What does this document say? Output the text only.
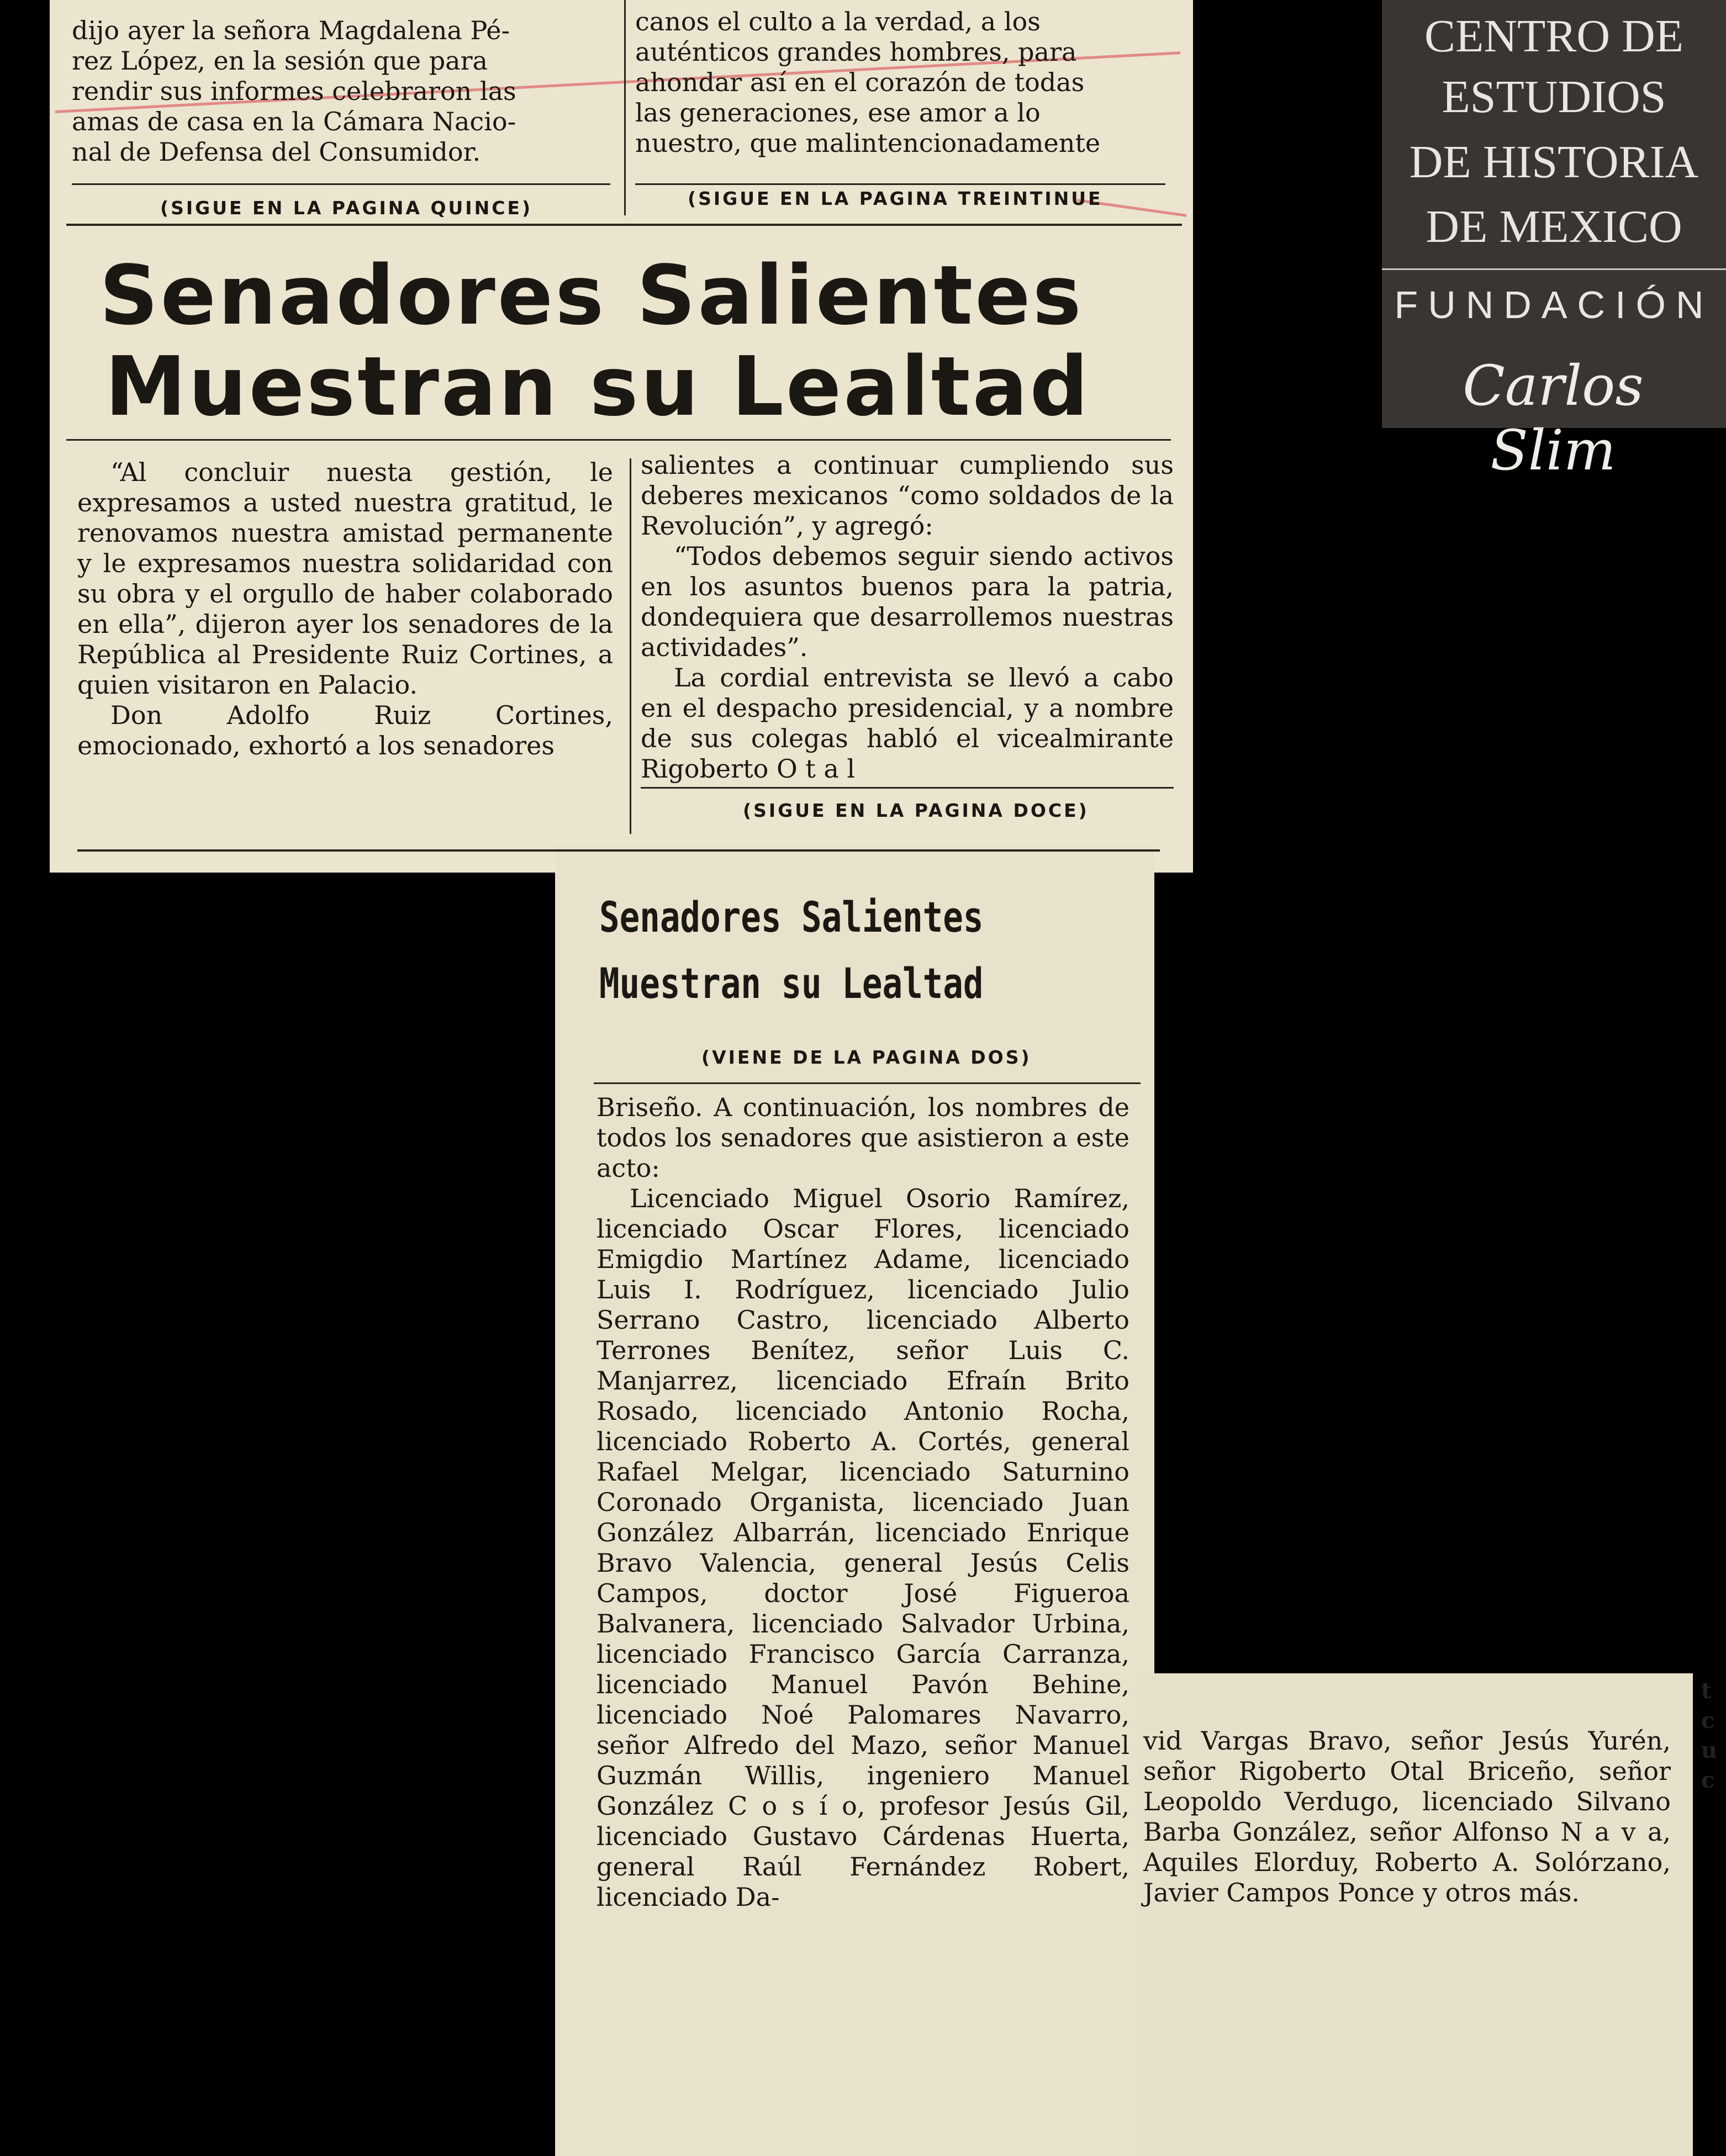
dijo ayer la señora Magdalena Pé-

rez López, en la sesión que para

rendir sus informes celebraron las

amas de casa en la Cámara Nacio-

nal de Defensa del Consumidor.

canos el culto a la verdad, a los

auténticos grandes hombres, para

ahondar así en el corazón de todas

las generaciones, ese amor a lo

nuestro, que malintencionadamente

(SIGUE EN LA PAGINA QUINCE)	(SIGUE EN LA PAGINA TREINTINUE
Senadores Salientes
Muestran su Lealtad

“Al concluir nuesta gestión, le expresamos a usted nuestra gratitud, le renovamos nuestra amistad permanente y le expresamos nuestra solidaridad con su obra y el orgullo de haber colaborado en ella”, dijeron ayer los senadores de la República al Presidente Ruiz Cortines, a quien visitaron en Palacio.

Don Adolfo Ruiz Cortines, emocionado, exhortó a los senadores

salientes a continuar cumpliendo sus deberes mexicanos “como soldados de la Revolución”, y agregó:

“Todos debemos seguir siendo activos en los asuntos buenos para la patria, dondequiera que desarrollemos nuestras actividades”.

La cordial entrevista se llevó a cabo en el despacho presidencial, y a nombre de sus colegas habló el vicealmirante Rigoberto O t a l

(SIGUE EN LA PAGINA DOCE)
Senadores Salientes
Muestran su Lealtad
(VIENE DE LA PAGINA DOS)

Briseño. A continuación, los nombres de todos los senadores que asistieron a este acto:

Licenciado Miguel Osorio Ramírez, licenciado Oscar Flores, licenciado Emigdio Martínez Adame, licenciado Luis I. Rodríguez, licenciado Julio Serrano Castro, licenciado Alberto Terrones Benítez, señor Luis C. Manjarrez, licenciado Efraín Brito Rosado, licenciado Antonio Rocha, licenciado Roberto A. Cortés, general Rafael Melgar, licenciado Saturnino Coronado Organista, licenciado Juan González Albarrán, licenciado Enrique Bravo Valencia, general Jesús Celis Campos, doctor José Figueroa Balvanera, licenciado Salvador Urbina, licenciado Francisco García Carranza, licenciado Manuel Pavón Behine, licenciado Noé Palomares Navarro, señor Alfredo del Mazo, señor Manuel Guzmán Willis, ingeniero Manuel González C o s í o, profesor Jesús Gil, licenciado Gustavo Cárdenas Huerta, general Raúl Fernández Robert, licenciado Da-

vid Vargas Bravo, señor Jesús Yurén, señor Rigoberto Otal Briceño, señor Leopoldo Verdugo, licenciado Silvano Barba González, señor Alfonso N a v a, Aquiles Elorduy, Roberto A. Solórzano, Javier Campos Ponce y otros más.

t
c
u
c
CENTRO DE
ESTUDIOS
DE HISTORIA
DE MEXICO
FUNDACIÓN
Carlos Slim
